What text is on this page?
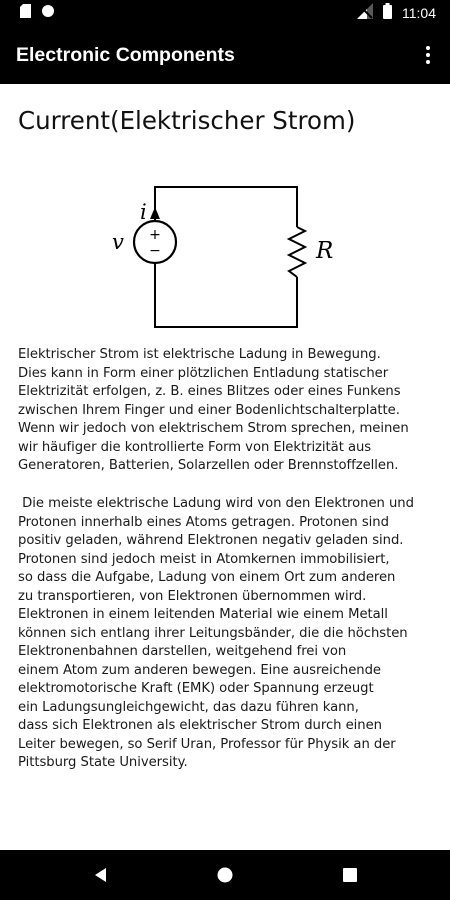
11:04
Electronic Components
Current(Elektrischer Strom)
i
v +
−	R

Elektrischer Strom ist elektrische Ladung in Bewegung.
Dies kann in Form einer plötzlichen Entladung statischer
Elektrizität erfolgen, z. B. eines Blitzes oder eines Funkens
zwischen Ihrem Finger und einer Bodenlichtschalterplatte.
Wenn wir jedoch von elektrischem Strom sprechen, meinen
wir häufiger die kontrollierte Form von Elektrizität aus
Generatoren, Batterien, Solarzellen oder Brennstoffzellen.

Die meiste elektrische Ladung wird von den Elektronen und
Protonen innerhalb eines Atoms getragen. Protonen sind
positiv geladen, während Elektronen negativ geladen sind.
Protonen sind jedoch meist in Atomkernen immobilisiert,
so dass die Aufgabe, Ladung von einem Ort zum anderen
zu transportieren, von Elektronen übernommen wird.
Elektronen in einem leitenden Material wie einem Metall
können sich entlang ihrer Leitungsbänder, die die höchsten
Elektronenbahnen darstellen, weitgehend frei von
einem Atom zum anderen bewegen. Eine ausreichende
elektromotorische Kraft (EMK) oder Spannung erzeugt
ein Ladungsungleichgewicht, das dazu führen kann,
dass sich Elektronen als elektrischer Strom durch einen
Leiter bewegen, so Serif Uran, Professor für Physik an der
Pittsburg State University.
